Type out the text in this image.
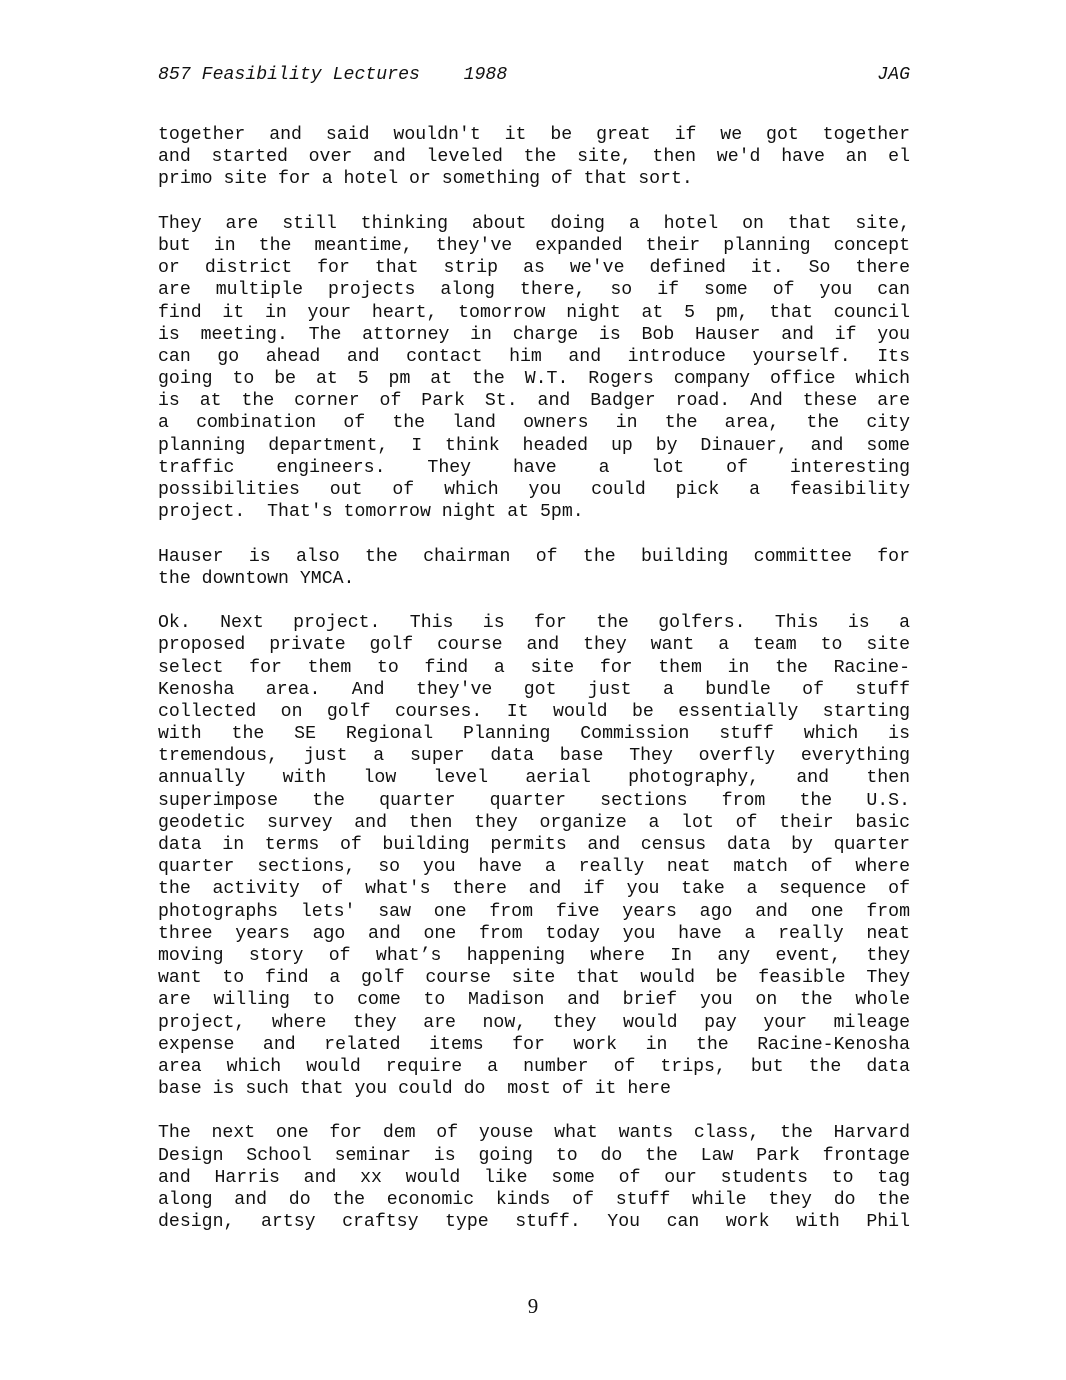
857 Feasibility Lectures    1988	JAG
together and said wouldn't it be great if we got together
and started over and leveled the site, then we'd have an el
primo site for a hotel or something of that sort.
They are still thinking about doing a hotel on that site,
but in the meantime, they've expanded their planning concept
or district for that strip as we've defined it. So there
are multiple projects along there, so if some of you can
find it in your heart, tomorrow night at 5 pm, that council
is meeting. The attorney in charge is Bob Hauser and if you
can go ahead and contact him and introduce yourself. Its
going to be at 5 pm at the W.T. Rogers company office which
is at the corner of Park St. and Badger road. And these are
a combination of the land owners in the area, the city
planning department, I think headed up by Dinauer, and some
traffic engineers. They have a lot of interesting
possibilities out of which you could pick a feasibility
project.  That's tomorrow night at 5pm.
Hauser is also the chairman of the building committee for
the downtown YMCA.
Ok. Next project. This is for the golfers. This is a
proposed private golf course and they want a team to site
select for them to find a site for them in the Racine-
Kenosha area. And they've got just a bundle of stuff
collected on golf courses. It would be essentially starting
with the SE Regional Planning Commission stuff which is
tremendous, just a super data base They overfly everything
annually with low level aerial photography, and then
superimpose the quarter quarter sections from the U.S.
geodetic survey and then they organize a lot of their basic
data in terms of building permits and census data by quarter
quarter sections, so you have a really neat match of where
the activity of what's there and if you take a sequence of
photographs lets' saw one from five years ago and one from
three years ago and one from today you have a really neat
moving story of what’s happening where In any event, they
want to find a golf course site that would be feasible They
are willing to come to Madison and brief you on the whole
project, where they are now, they would pay your mileage
expense and related items for work in the Racine-Kenosha
area which would require a number of trips, but the data
base is such that you could do  most of it here
The next one for dem of youse what wants class, the Harvard
Design School seminar is going to do the Law Park frontage
and Harris and xx would like some of our students to tag
along and do the economic kinds of stuff while they do the
design, artsy craftsy type stuff. You can work with Phil
9
